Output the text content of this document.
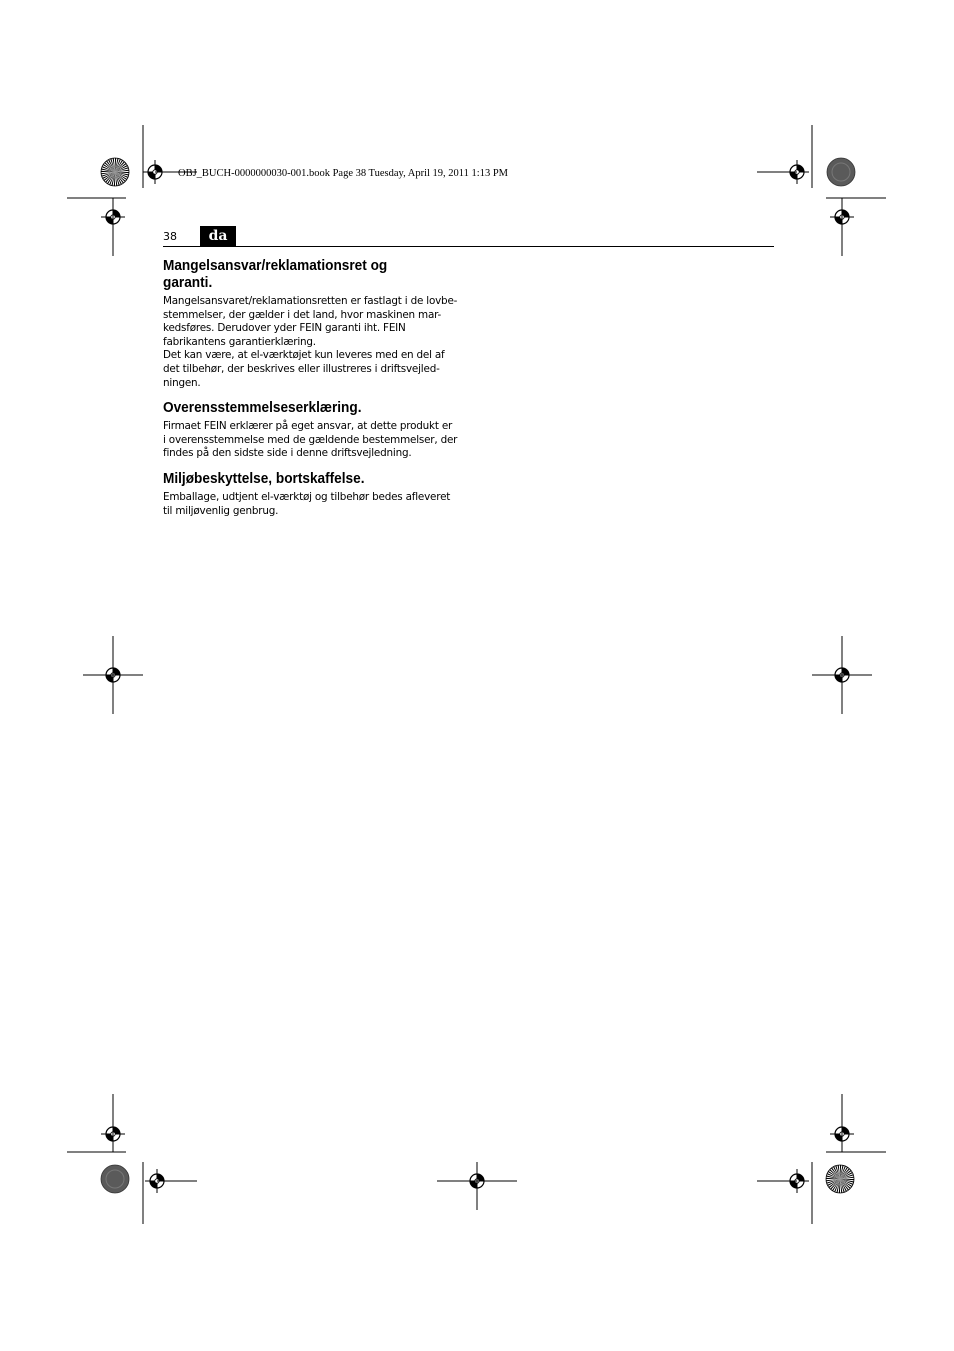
OBJ_BUCH-0000000030-001.book Page 38 Tuesday, April 19, 2011 1:13 PM
38	da
Mangelsansvar/reklamationsret og
garanti.

Mangelsansvaret/reklamationsretten er fastlagt i de lovbe-

stemmelser, der gælder i det land, hvor maskinen mar-

kedsføres. Derudover yder FEIN garanti iht. FEIN

fabrikantens garantierklæring.

Det kan være, at el-værktøjet kun leveres med en del af

det tilbehør, der beskrives eller illustreres i driftsvejled-

ningen.

Overensstemmelseserklæring.

Firmaet FEIN erklærer på eget ansvar, at dette produkt er

i overensstemmelse med de gældende bestemmelser, der

findes på den sidste side i denne driftsvejledning.

Miljøbeskyttelse, bortskaffelse.

Emballage, udtjent el-værktøj og tilbehør bedes afleveret

til miljøvenlig genbrug.
